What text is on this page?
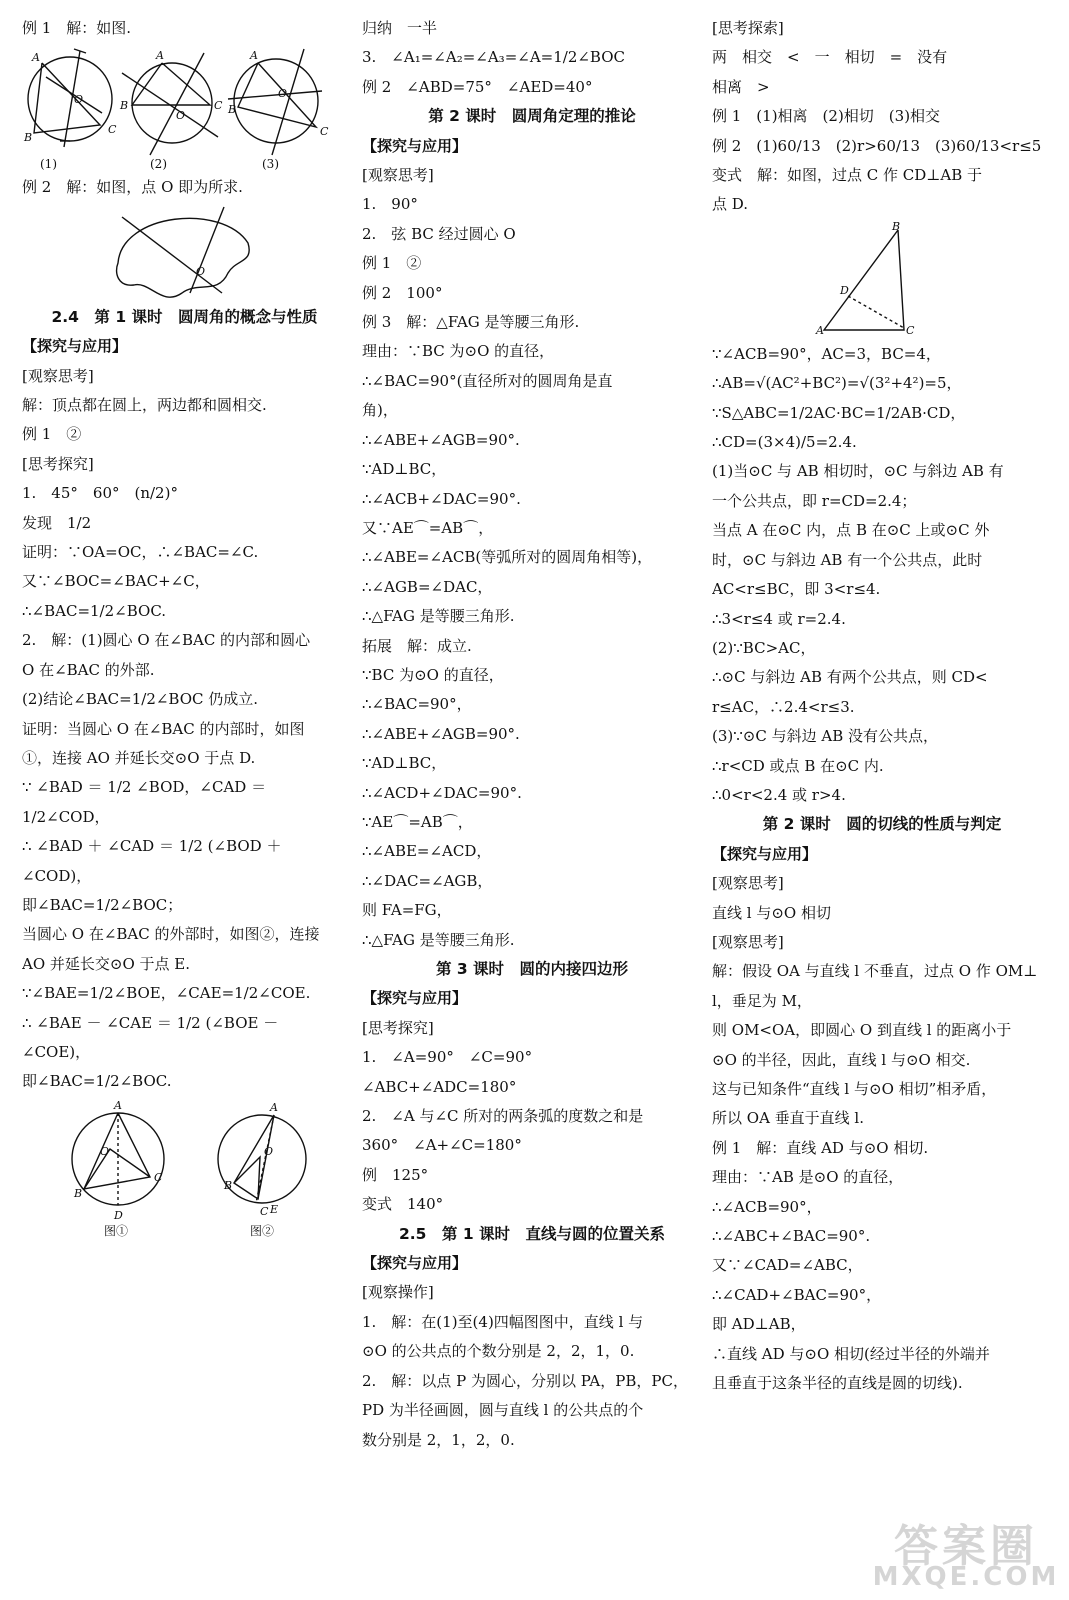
例 1　解：如图.
A
B
C
O
(1)
A
B	C
O
(2)
A
B
C
O
(3)
例 2　解：如图，点 O 即为所求.
O
2.4　第 1 课时　圆周角的概念与性质
【探究与应用】
[观察思考]
解：顶点都在圆上，两边都和圆相交.
例 1　②
[思考探究]
1.　45°　60°　(n/2)°
发现　1/2
证明：∵OA=OC，∴∠BAC=∠C.
又∵∠BOC=∠BAC+∠C，
∴∠BAC=1/2∠BOC.
2.　解：(1)圆心 O 在∠BAC 的内部和圆心
O 在∠BAC 的外部.
(2)结论∠BAC=1/2∠BOC 仍成立.
证明：当圆心 O 在∠BAC 的内部时，如图
①，连接 AO 并延长交⊙O 于点 D.
∵ ∠BAD ＝ 1/2 ∠BOD，∠CAD ＝
1/2∠COD，
∴ ∠BAD ＋ ∠CAD ＝ 1/2 (∠BOD ＋
∠COD)，
即∠BAC=1/2∠BOC；
当圆心 O 在∠BAC 的外部时，如图②，连接
AO 并延长交⊙O 于点 E.
∵∠BAE=1/2∠BOE，∠CAE=1/2∠COE.
∴ ∠BAE － ∠CAE ＝ 1/2 (∠BOE －
∠COE)，
即∠BAC=1/2∠BOC.
A
B
C
D
O
图①
A
B
C E
O
图②
归纳　一半
3.　∠A₁=∠A₂=∠A₃=∠A=1/2∠BOC
例 2　∠ABD=75°　∠AED=40°
第 2 课时　圆周角定理的推论
【探究与应用】
[观察思考]
1.　90°
2.　弦 BC 经过圆心 O
例 1　②
例 2　100°
例 3　解：△FAG 是等腰三角形.
理由：∵BC 为⊙O 的直径，
∴∠BAC=90°(直径所对的圆周角是直
角)，
∴∠ABE+∠AGB=90°.
∵AD⊥BC，
∴∠ACB+∠DAC=90°.
又∵AE⌒=AB⌒，
∴∠ABE=∠ACB(等弧所对的圆周角相等)，
∴∠AGB=∠DAC，
∴△FAG 是等腰三角形.
拓展　解：成立.
∵BC 为⊙O 的直径，
∴∠BAC=90°，
∴∠ABE+∠AGB=90°.
∵AD⊥BC，
∴∠ACD+∠DAC=90°.
∵AE⌒=AB⌒，
∴∠ABE=∠ACD，
∴∠DAC=∠AGB，
则 FA=FG，
∴△FAG 是等腰三角形.
第 3 课时　圆的内接四边形
【探究与应用】
[思考探究]
1.　∠A=90°　∠C=90°
∠ABC+∠ADC=180°
2.　∠A 与∠C 所对的两条弧的度数之和是
360°　∠A+∠C=180°
例　125°
变式　140°
2.5　第 1 课时　直线与圆的位置关系
【探究与应用】
[观察操作]
1.　解：在(1)至(4)四幅图图中，直线 l 与
⊙O 的公共点的个数分别是 2，2，1，0.
2.　解：以点 P 为圆心，分别以 PA，PB，PC，
PD 为半径画圆，圆与直线 l 的公共点的个
数分别是 2，1，2，0.
[思考探索]
两　相交　<　一　相切　=　没有
相离　>
例 1　(1)相离　(2)相切　(3)相交
例 2　(1)60/13　(2)r>60/13　(3)60/13<r≤5
变式　解：如图，过点 C 作 CD⊥AB 于
点 D.
B
D
A	C
∵∠ACB=90°，AC=3，BC=4，
∴AB=√(AC²+BC²)=√(3²+4²)=5，
∵S△ABC=1/2AC·BC=1/2AB·CD，
∴CD=(3×4)/5=2.4.
(1)当⊙C 与 AB 相切时，⊙C 与斜边 AB 有
一个公共点，即 r=CD=2.4；
当点 A 在⊙C 内，点 B 在⊙C 上或⊙C 外
时，⊙C 与斜边 AB 有一个公共点，此时
AC<r≤BC，即 3<r≤4.
∴3<r≤4 或 r=2.4.
(2)∵BC>AC，
∴⊙C 与斜边 AB 有两个公共点，则 CD<
r≤AC，∴2.4<r≤3.
(3)∵⊙C 与斜边 AB 没有公共点，
∴r<CD 或点 B 在⊙C 内.
∴0<r<2.4 或 r>4.
第 2 课时　圆的切线的性质与判定
【探究与应用】
[观察思考]
直线 l 与⊙O 相切
[观察思考]
解：假设 OA 与直线 l 不垂直，过点 O 作 OM⊥
l，垂足为 M，
则 OM<OA，即圆心 O 到直线 l 的距离小于
⊙O 的半径，因此，直线 l 与⊙O 相交.
这与已知条件“直线 l 与⊙O 相切”相矛盾，
所以 OA 垂直于直线 l.
例 1　解：直线 AD 与⊙O 相切.
理由：∵AB 是⊙O 的直径，
∴∠ACB=90°，
∴∠ABC+∠BAC=90°.
又∵∠CAD=∠ABC，
∴∠CAD+∠BAC=90°，
即 AD⊥AB，
∴直线 AD 与⊙O 相切(经过半径的外端并
且垂直于这条半径的直线是圆的切线).
答案圈
MXQE.COM
